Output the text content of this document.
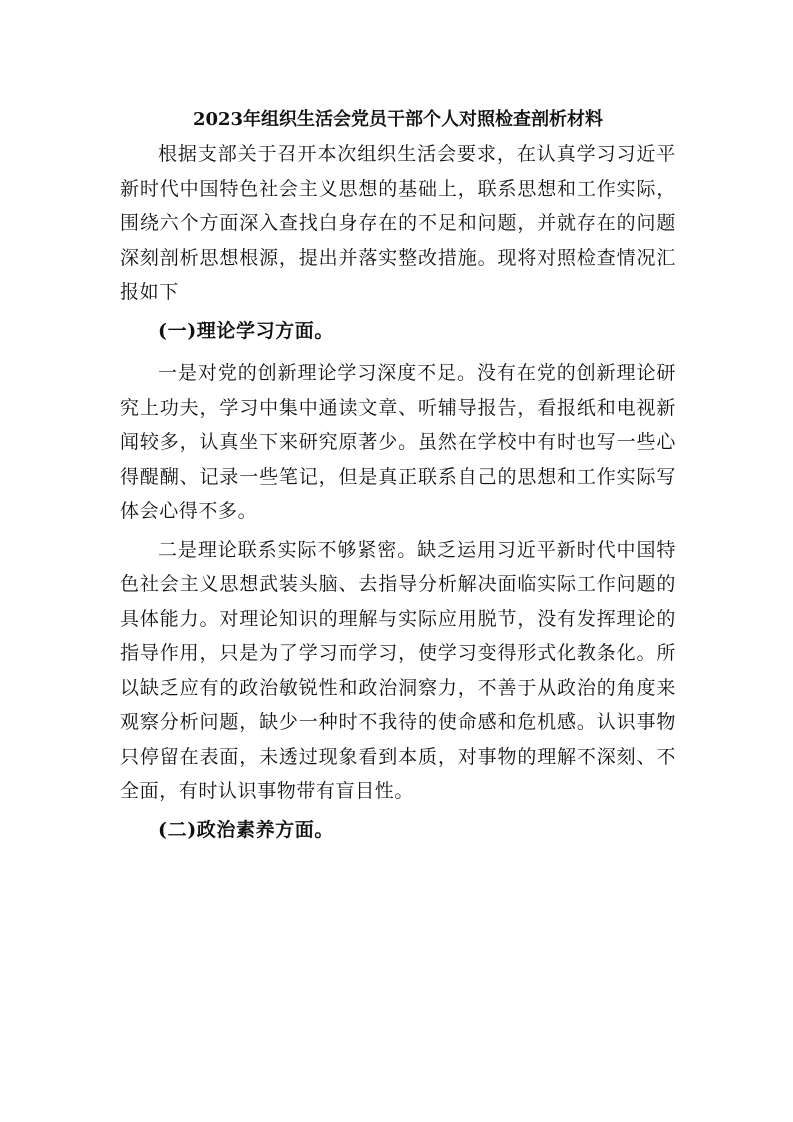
2023年组织生活会党员干部个人对照检查剖析材料

根据支部关于召开本次组织生活会要求，在认真学习习近平新时代中国特色社会主义思想的基础上，联系思想和工作实际，围绕六个方面深入查找白身存在的不足和问题，并就存在的问题深刻剖析思想根源，提出并落实整改措施。现将对照检查情况汇报如下

(一)理论学习方面。

一是对党的创新理论学习深度不足。没有在党的创新理论研究上功夫，学习中集中通读文章、听辅导报告，看报纸和电视新闻较多，认真坐下来研究原著少。虽然在学校中有时也写一些心得醍醐、记录一些笔记，但是真正联系自己的思想和工作实际写体会心得不多。

二是理论联系实际不够紧密。缺乏运用习近平新时代中国特色社会主义思想武装头脑、去指导分析解决面临实际工作问题的具体能力。对理论知识的理解与实际应用脱节，没有发挥理论的指导作用，只是为了学习而学习，使学习变得形式化教条化。所以缺乏应有的政治敏锐性和政治洞察力，不善于从政治的角度来观察分析问题，缺少一种时不我待的使命感和危机感。认识事物只停留在表面，未透过现象看到本质，对事物的理解不深刻、不全面，有时认识事物带有盲目性。

(二)政治素养方面。
